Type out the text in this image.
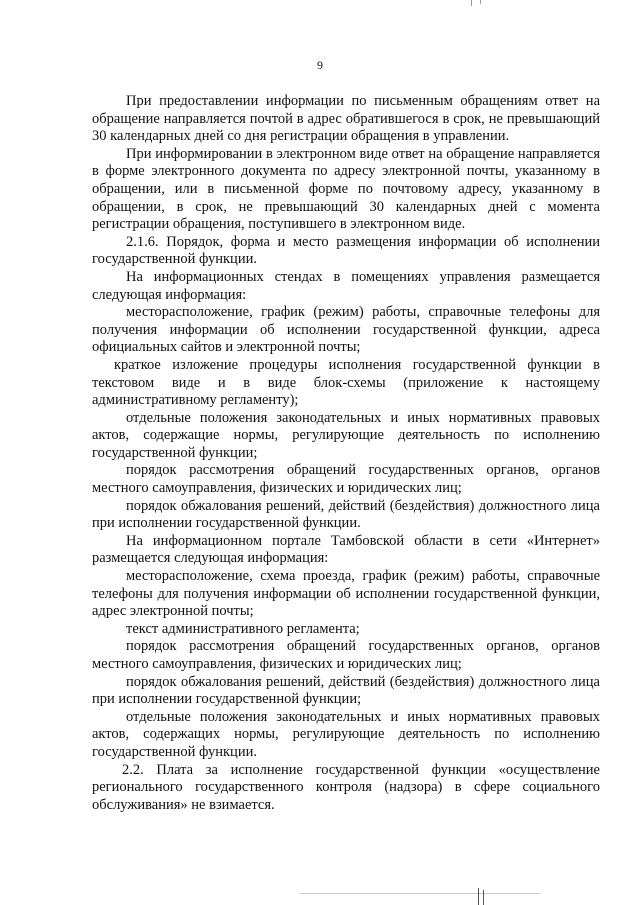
9

При предоставлении информации по письменным обращениям ответ на обращение направляется почтой в адрес обратившегося в срок, не превышающий 30 календарных дней со дня регистрации обращения в управлении.

При информировании в электронном виде ответ на обращение направляется в форме электронного документа по адресу электронной почты, указанному в обращении, или в письменной форме по почтовому адресу, указанному в обращении, в срок, не превышающий 30 календарных дней с момента регистрации обращения, поступившего в электронном виде.

2.1.6. Порядок, форма и место размещения информации об исполнении государственной функции.

На информационных стендах в помещениях управления размещается следующая информация:

месторасположение, график (режим) работы, справочные телефоны для получения информации об исполнении государственной функции, адреса официальных сайтов и электронной почты;

краткое изложение процедуры исполнения государственной функции в текстовом виде и в виде блок-схемы (приложение к настоящему административному регламенту);

отдельные положения законодательных и иных нормативных правовых актов, содержащие нормы, регулирующие деятельность по исполнению государственной функции;

порядок рассмотрения обращений государственных органов, органов местного самоуправления, физических и юридических лиц;

порядок обжалования решений, действий (бездействия) должностного лица при исполнении государственной функции.

На информационном портале Тамбовской области в сети «Интернет» размещается следующая информация:

месторасположение, схема проезда, график (режим) работы, справочные телефоны для получения информации об исполнении государственной функции, адрес электронной почты;

текст административного регламента;

порядок рассмотрения обращений государственных органов, органов местного самоуправления, физических и юридических лиц;

порядок обжалования решений, действий (бездействия) должностного лица при исполнении государственной функции;

отдельные положения законодательных и иных нормативных правовых актов, содержащих нормы, регулирующие деятельность по исполнению государственной функции.

2.2. Плата за исполнение государственной функции «осуществление регионального государственного контроля (надзора) в сфере социального обслуживания» не взимается.
